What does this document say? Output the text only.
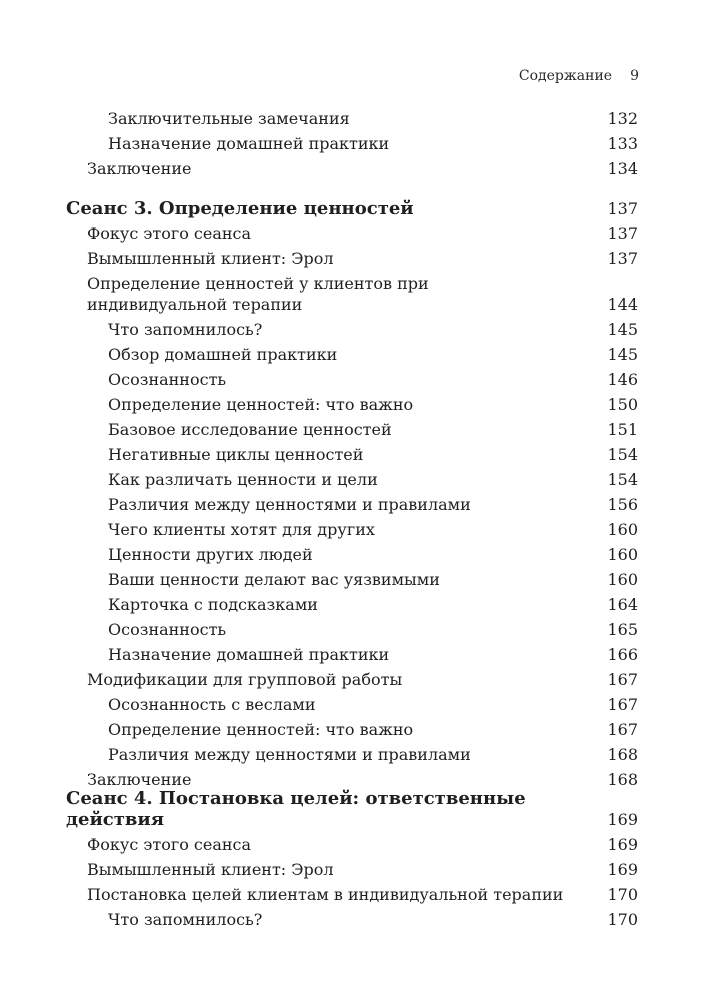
Содержание 9
Заключительные замечания	132
Назначение домашней практики	133
Заключение	134
Сеанс 3. Определение ценностей	137
Фокус этого сеанса	137
Вымышленный клиент: Эрол	137
Определение ценностей у клиентов при индивидуальной терапии	144
Что запомнилось?	145
Обзор домашней практики	145
Осознанность	146
Определение ценностей: что важно	150
Базовое исследование ценностей	151
Негативные циклы ценностей	154
Как различать ценности и цели	154
Различия между ценностями и правилами	156
Чего клиенты хотят для других	160
Ценности других людей	160
Ваши ценности делают вас уязвимыми	160
Карточка с подсказками	164
Осознанность	165
Назначение домашней практики	166
Модификации для групповой работы	167
Осознанность с веслами	167
Определение ценностей: что важно	167
Различия между ценностями и правилами	168
Заключение	168
Сеанс 4. Постановка целей: ответственные действия	169
Фокус этого сеанса	169
Вымышленный клиент: Эрол	169
Постановка целей клиентам в индивидуальной терапии	170
Что запомнилось?	170
